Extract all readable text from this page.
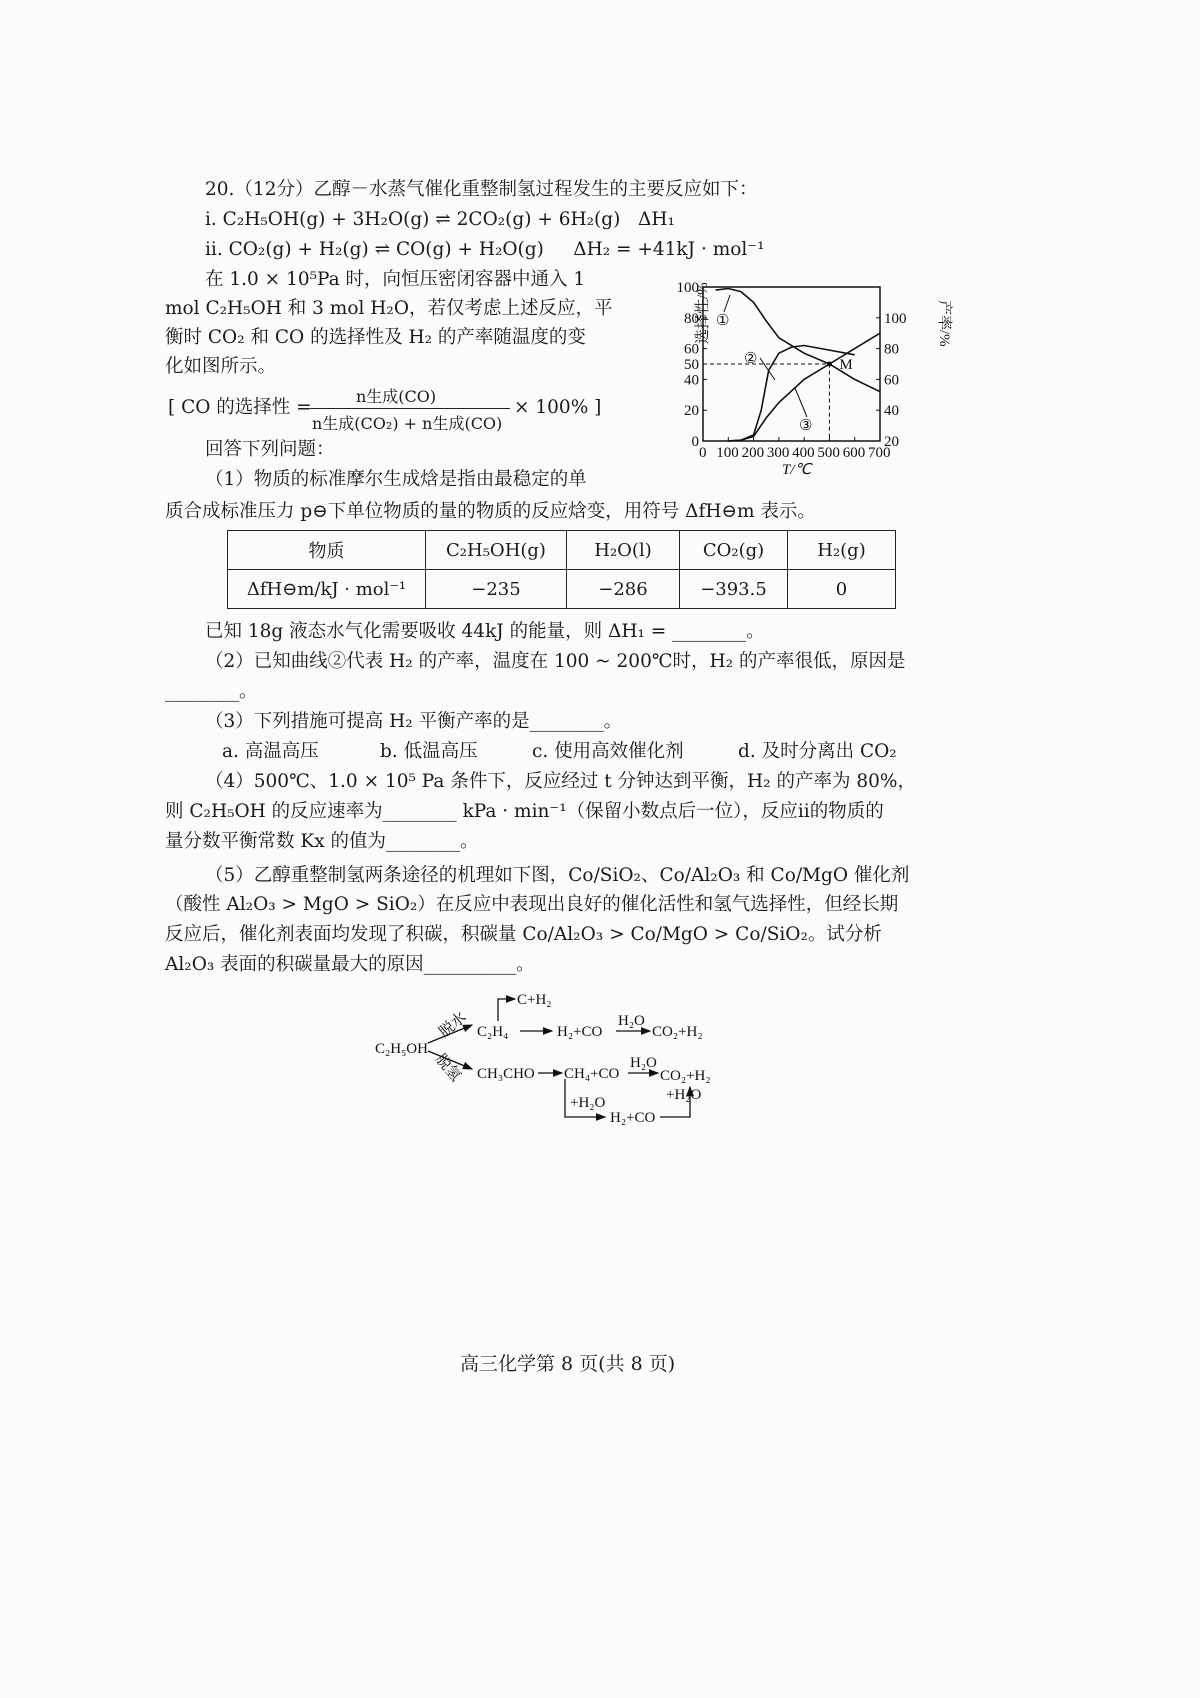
20.（12分）乙醇－水蒸气催化重整制氢过程发生的主要反应如下：
ⅰ. C₂H₅OH(g) + 3H₂O(g) ⇌ 2CO₂(g) + 6H₂(g)   ΔH₁
ⅱ. CO₂(g) + H₂(g) ⇌ CO(g) + H₂O(g)     ΔH₂ = +41kJ · mol⁻¹
在 1.0 × 10⁵Pa 时，向恒压密闭容器中通入 1
mol C₂H₅OH 和 3 mol H₂O，若仅考虑上述反应，平
衡时 CO₂ 和 CO 的选择性及 H₂ 的产率随温度的变
化如图所示。
[ CO 的选择性 =
n生成(CO)
n生成(CO₂) + n生成(CO)
× 100% ]
回答下列问题：
（1）物质的标准摩尔生成焓是指由最稳定的单
质合成标准压力 p⊖下单位物质的量的物质的反应焓变，用符号 ΔfH⊖m 表示。
物质	C₂H₅OH(g)	H₂O(l)	CO₂(g)	H₂(g)
ΔfH⊖m/kJ · mol⁻¹	−235	−286	−393.5	0
已知 18g 液态水气化需要吸收 44kJ 的能量，则 ΔH₁ = ________。
（2）已知曲线②代表 H₂ 的产率，温度在 100 ~ 200℃时，H₂ 的产率很低，原因是
________。
（3）下列措施可提高 H₂ 平衡产率的是________。
a. 高温高压	b. 低温高压	c. 使用高效催化剂	d. 及时分离出 CO₂
（4）500℃、1.0 × 10⁵ Pa 条件下，反应经过 t 分钟达到平衡，H₂ 的产率为 80%，
则 C₂H₅OH 的反应速率为________ kPa · min⁻¹（保留小数点后一位），反应ⅱ的物质的
量分数平衡常数 Kx 的值为________。
（5）乙醇重整制氢两条途径的机理如下图，Co/SiO₂、Co/Al₂O₃ 和 Co/MgO 催化剂
（酸性 Al₂O₃ > MgO > SiO₂）在反应中表现出良好的催化活性和氢气选择性，但经长期
反应后，催化剂表面均发现了积碳，积碳量 Co/Al₂O₃ > Co/MgO > Co/SiO₂。试分析
Al₂O₃ 表面的积碳量最大的原因__________。
0 100 200 300 400 500 600 700
0
20
40
50
60
80
100
20
40
60
80
100
①
②
③
选择性/%	产率/%
T/℃
M
C₂H₅OH
脱水
脱氢
C₂H₄
C+H₂
H₂+CO
H₂O
CO₂+H₂
CH₃CHO CH₄+CO
H₂O
CO₂+H₂
+H₂O
+H₂O
H₂+CO
高三化学第 8 页(共 8 页)
